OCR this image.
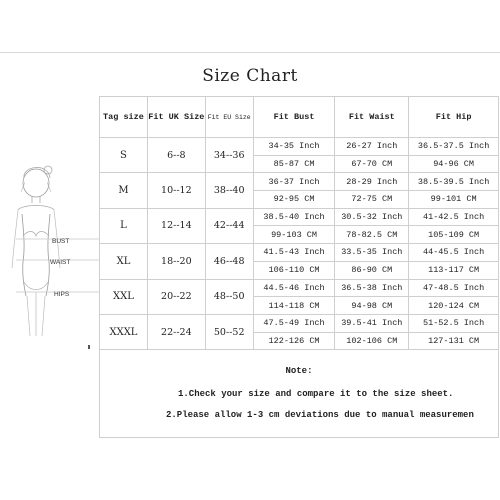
Size Chart
BUST
WAIST
HIPS
Tag size	Fit UK Size	Fit EU Size	Fit Bust	Fit Waist	Fit Hip
S	6--8	34--36	34-35 Inch	26-27 Inch	36.5-37.5 Inch
			85-87 CM	67-70 CM	94-96 CM
M	10--12	38--40	36-37 Inch	28-29 Inch	38.5-39.5 Inch
			92-95 CM	72-75 CM	99-101 CM
L	12--14	42--44	38.5-40 Inch	30.5-32 Inch	41-42.5 Inch
			99-103 CM	78-82.5 CM	105-109 CM
XL	18--20	46--48	41.5-43 Inch	33.5-35 Inch	44-45.5 Inch
			106-110 CM	86-90 CM	113-117 CM
XXL	20--22	48--50	44.5-46 Inch	36.5-38 Inch	47-48.5 Inch
			114-118 CM	94-98 CM	120-124 CM
XXXL	22--24	50--52	47.5-49 Inch	39.5-41 Inch	51-52.5 Inch
			122-126 CM	102-106 CM	127-131 CM
Note:
1.Check your size and compare it to the size sheet.
2.Please allow 1-3 cm deviations due to manual measuremen
